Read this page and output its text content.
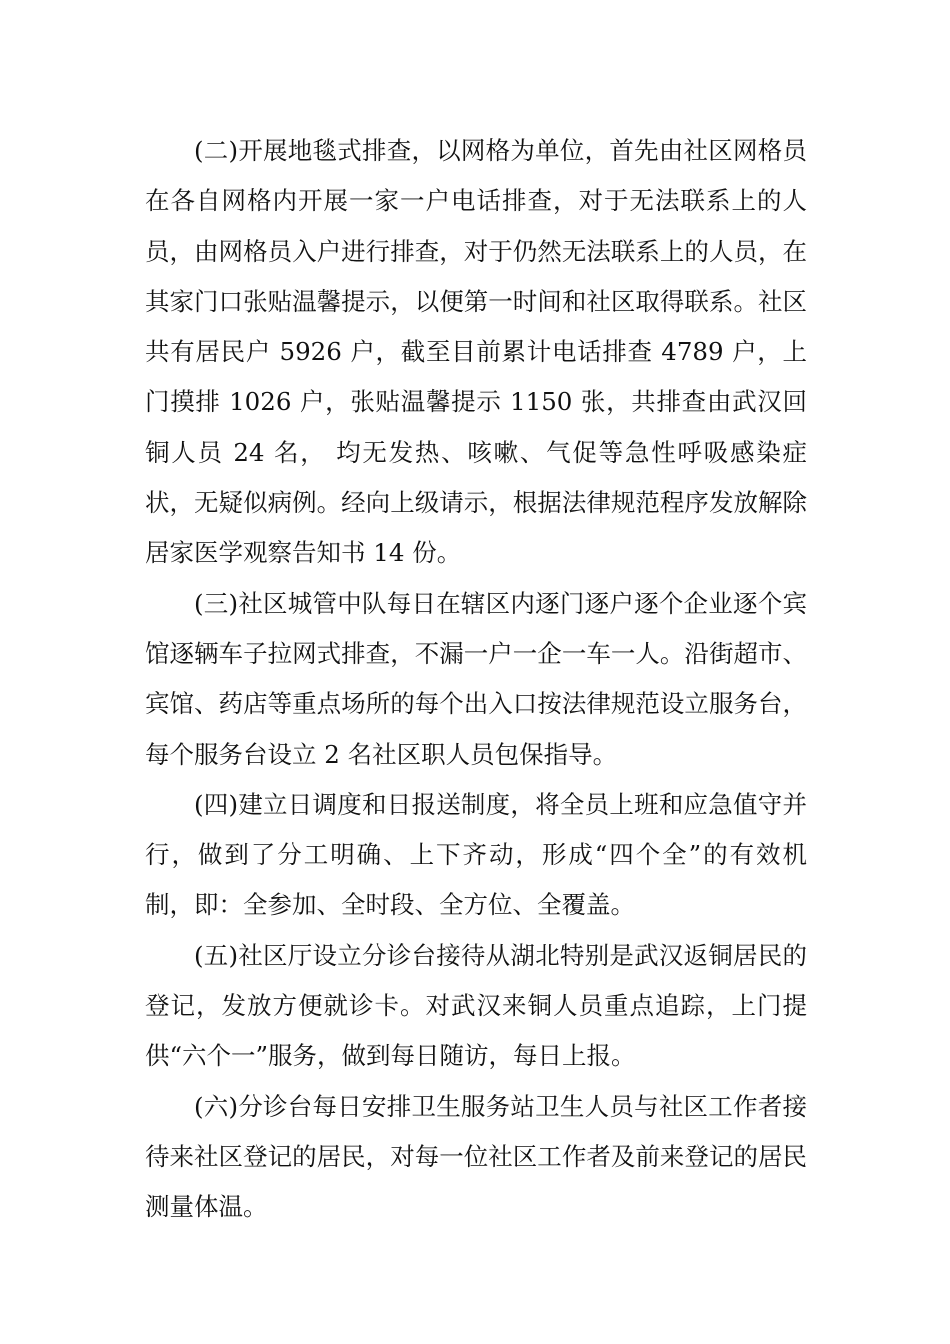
(二)开展地毯式排查，以网格为单位，首先由社区网格员在各自网格内开展一家一户电话排查，对于无法联系上的人员，由网格员入户进行排查，对于仍然无法联系上的人员，在其家门口张贴温馨提示，以便第一时间和社区取得联系。社区共有居民户 5926 户，截至目前累计电话排查 4789 户，上门摸排 1026 户，张贴温馨提示 1150 张，共排查由武汉回铜人员 24 名， 均无发热、咳嗽、气促等急性呼吸感染症状，无疑似病例。经向上级请示，根据法律规范程序发放解除居家医学观察告知书 14 份。

(三)社区城管中队每日在辖区内逐门逐户逐个企业逐个宾馆逐辆车子拉网式排查，不漏一户一企一车一人。沿街超市、宾馆、药店等重点场所的每个出入口按法律规范设立服务台，每个服务台设立 2 名社区职人员包保指导。

(四)建立日调度和日报送制度，将全员上班和应急值守并行，做到了分工明确、上下齐动，形成“四个全”的有效机制，即：全参加、全时段、全方位、全覆盖。

(五)社区厅设立分诊台接待从湖北特别是武汉返铜居民的登记，发放方便就诊卡。对武汉来铜人员重点追踪，上门提供“六个一”服务，做到每日随访，每日上报。

(六)分诊台每日安排卫生服务站卫生人员与社区工作者接待来社区登记的居民，对每一位社区工作者及前来登记的居民测量体温。
